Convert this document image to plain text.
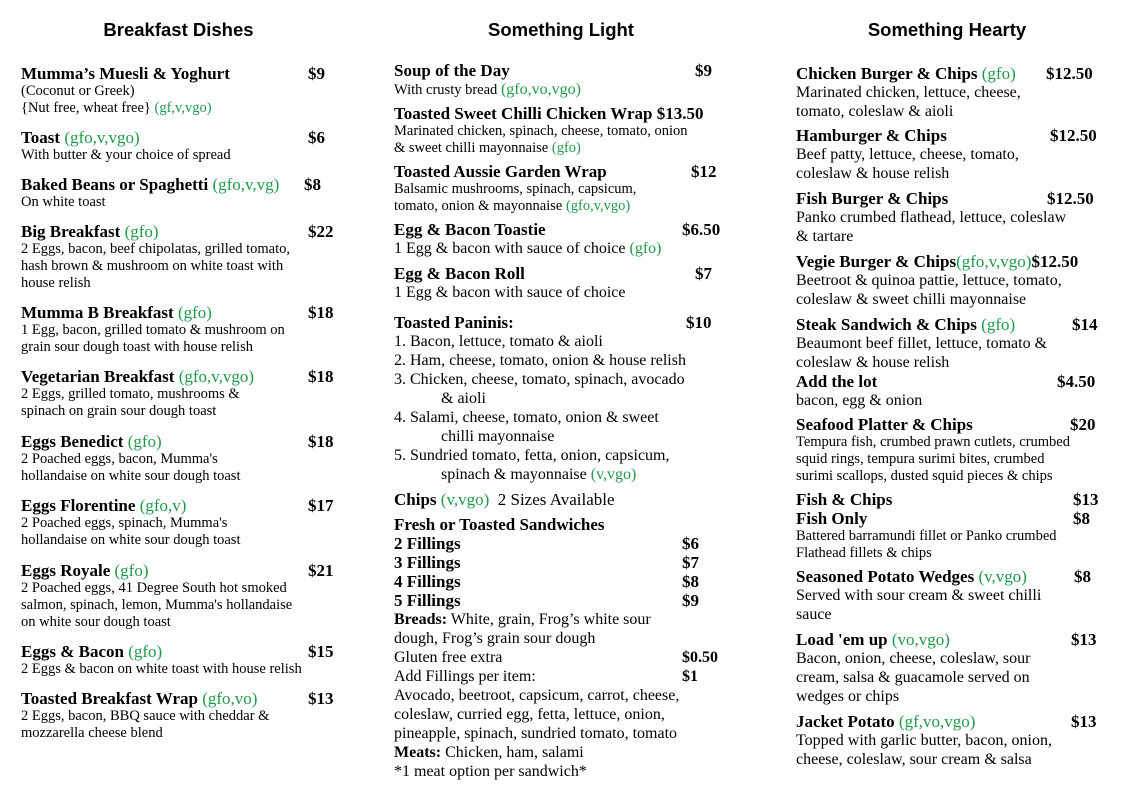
Breakfast Dishes
Mumma’s Muesli & Yoghurt	$9
(Coconut or Greek)
{Nut free, wheat free} (gf,v,vgo)
Toast (gfo,v,vgo)	$6
With butter & your choice of spread
Baked Beans or Spaghetti (gfo,v,vg) $8
On white toast
Big Breakfast (gfo)	$22
2 Eggs, bacon, beef chipolatas, grilled tomato,
hash brown & mushroom on white toast with
house relish
Mumma B Breakfast (gfo)	$18
1 Egg, bacon, grilled tomato & mushroom on
grain sour dough toast with house relish
Vegetarian Breakfast (gfo,v,vgo)	$18
2 Eggs, grilled tomato, mushrooms &
spinach on grain sour dough toast
Eggs Benedict (gfo)	$18
2 Poached eggs, bacon, Mumma's
hollandaise on white sour dough toast
Eggs Florentine (gfo,v)	$17
2 Poached eggs, spinach, Mumma's
hollandaise on white sour dough toast
Eggs Royale (gfo)	$21
2 Poached eggs, 41 Degree South hot smoked
salmon, spinach, lemon, Mumma's hollandaise
on white sour dough toast
Eggs & Bacon (gfo)	$15
2 Eggs & bacon on white toast with house relish
Toasted Breakfast Wrap (gfo,vo)	$13
2 Eggs, bacon, BBQ sauce with cheddar &
mozzarella cheese blend
Something Light
Soup of the Day	$9
With crusty bread (gfo,vo,vgo)
Toasted Sweet Chilli Chicken Wrap $13.50
Marinated chicken, spinach, cheese, tomato, onion
& sweet chilli mayonnaise (gfo)
Toasted Aussie Garden Wrap	$12
Balsamic mushrooms, spinach, capsicum,
tomato, onion & mayonnaise (gfo,v,vgo)
Egg & Bacon Toastie	$6.50
1 Egg & bacon with sauce of choice (gfo)
Egg & Bacon Roll	$7
1 Egg & bacon with sauce of choice
Toasted Paninis:	$10
1. Bacon, lettuce, tomato & aioli
2. Ham, cheese, tomato, onion & house relish
3. Chicken, cheese, tomato, spinach, avocado
& aioli
4. Salami, cheese, tomato, onion & sweet
chilli mayonnaise
5. Sundried tomato, fetta, onion, capsicum,
spinach & mayonnaise (v,vgo)
Chips (v,vgo) 2 Sizes Available
Fresh or Toasted Sandwiches
2 Fillings	$6
3 Fillings	$7
4 Fillings	$8
5 Fillings	$9
Breads: White, grain, Frog’s white sour
dough, Frog’s grain sour dough
Gluten free extra	$0.50
Add Fillings per item:	$1
Avocado, beetroot, capsicum, carrot, cheese,
coleslaw, curried egg, fetta, lettuce, onion,
pineapple, spinach, sundried tomato, tomato
Meats: Chicken, ham, salami
*1 meat option per sandwich*
Something Hearty
Chicken Burger & Chips (gfo) $12.50
Marinated chicken, lettuce, cheese,
tomato, coleslaw & aioli
Hamburger & Chips	$12.50
Beef patty, lettuce, cheese, tomato,
coleslaw & house relish
Fish Burger & Chips	$12.50
Panko crumbed flathead, lettuce, coleslaw
& tartare
Vegie Burger & Chips(gfo,v,vgo)$12.50
Beetroot & quinoa pattie, lettuce, tomato,
coleslaw & sweet chilli mayonnaise
Steak Sandwich & Chips (gfo)	$14
Beaumont beef fillet, lettuce, tomato &
coleslaw & house relish
Add the lot	$4.50
bacon, egg & onion
Seafood Platter & Chips	$20
Tempura fish, crumbed prawn cutlets, crumbed
squid rings, tempura surimi bites, crumbed
surimi scallops, dusted squid pieces & chips
Fish & Chips	$13
Fish Only	$8
Battered barramundi fillet or Panko crumbed
Flathead fillets & chips
Seasoned Potato Wedges (v,vgo)	$8
Served with sour cream & sweet chilli
sauce
Load 'em up (vo,vgo)	$13
Bacon, onion, cheese, coleslaw, sour
cream, salsa & guacamole served on
wedges or chips
Jacket Potato (gf,vo,vgo)	$13
Topped with garlic butter, bacon, onion,
cheese, coleslaw, sour cream & salsa
